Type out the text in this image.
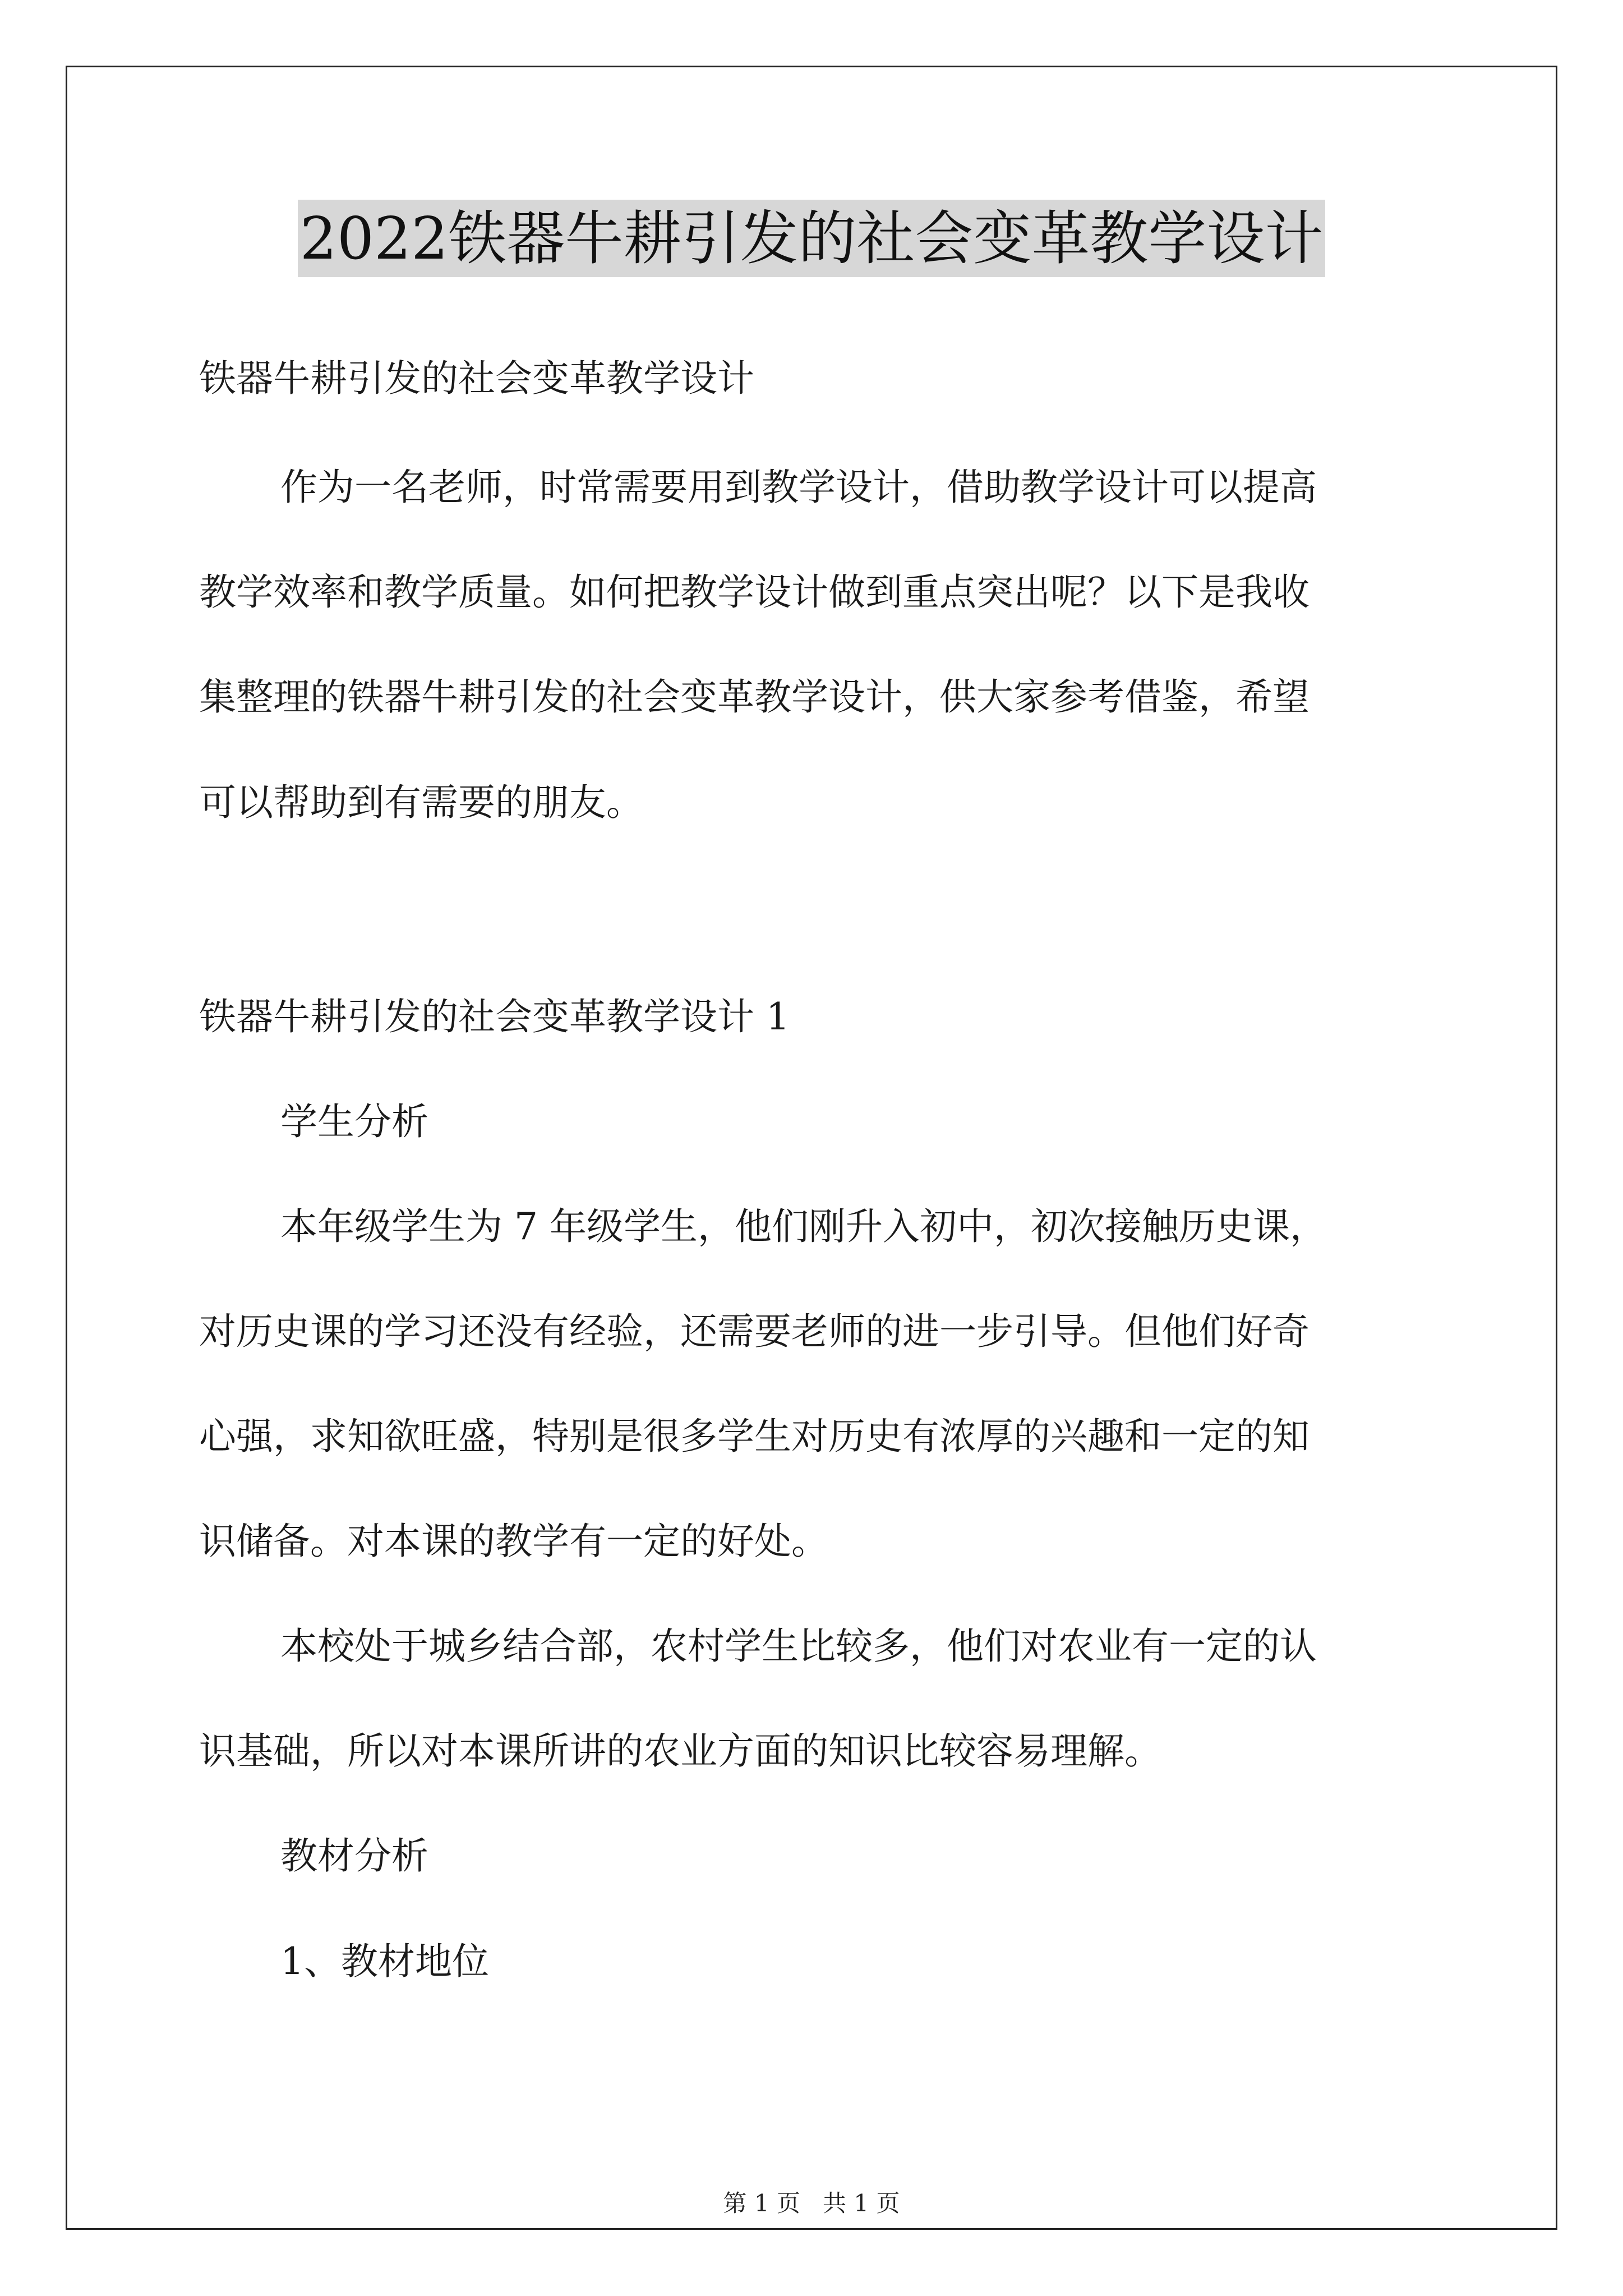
2022铁器牛耕引发的社会变革教学设计
铁器牛耕引发的社会变革教学设计
作为一名老师，时常需要用到教学设计，借助教学设计可以提高
教学效率和教学质量。如何把教学设计做到重点突出呢？以下是我收
集整理的铁器牛耕引发的社会变革教学设计，供大家参考借鉴，希望
可以帮助到有需要的朋友。
铁器牛耕引发的社会变革教学设计 1
学生分析
本年级学生为 7 年级学生，他们刚升入初中，初次接触历史课，
对历史课的学习还没有经验，还需要老师的进一步引导。但他们好奇
心强，求知欲旺盛，特别是很多学生对历史有浓厚的兴趣和一定的知
识储备。对本课的教学有一定的好处。
本校处于城乡结合部，农村学生比较多，他们对农业有一定的认
识基础，所以对本课所讲的农业方面的知识比较容易理解。
教材分析
1、教材地位
第 1 页   共 1 页
